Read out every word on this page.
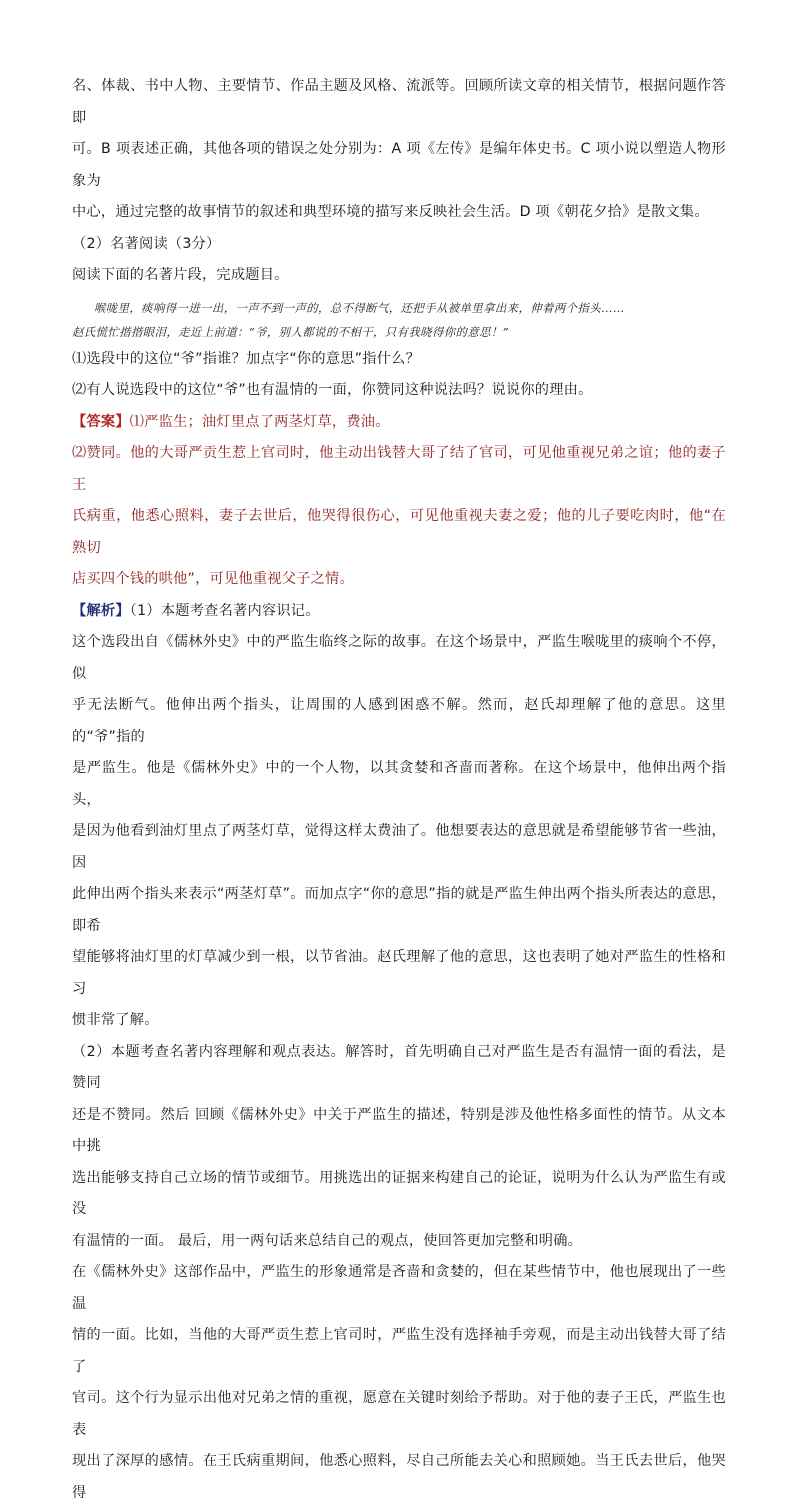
名、体裁、书中人物、主要情节、作品主题及风格、流派等。回顾所读文章的相关情节，根据问题作答即

可。B 项表述正确，其他各项的错误之处分别为：A 项《左传》是编年体史书。C 项小说以塑造人物形象为

中心，通过完整的故事情节的叙述和典型环境的描写来反映社会生活。D 项《朝花夕拾》是散文集。

（2）名著阅读（3分）

阅读下面的名著片段，完成题目。

喉咙里，痰响得一进一出，一声不到一声的，总不得断气，还把手从被单里拿出来，伸着两个指头……
赵氏慌忙揩揩眼泪，走近上前道：“爷，别人都说的不相干，只有我晓得你的意思！”

⑴选段中的这位“爷”指谁？加点字“你的意思”指什么？

⑵有人说选段中的这位“爷”也有温情的一面，你赞同这种说法吗？说说你的理由。

【答案】⑴严监生；油灯里点了两茎灯草，费油。

⑵赞同。他的大哥严贡生惹上官司时，他主动出钱替大哥了结了官司，可见他重视兄弟之谊；他的妻子王

氏病重，他悉心照料，妻子去世后，他哭得很伤心，可见他重视夫妻之爱；他的儿子要吃肉时，他“在熟切

店买四个钱的哄他”，可见他重视父子之情。

【解析】（1）本题考查名著内容识记。

这个选段出自《儒林外史》中的严监生临终之际的故事。在这个场景中，严监生喉咙里的痰响个不停，似

乎无法断气。他伸出两个指头，让周围的人感到困惑不解。然而，赵氏却理解了他的意思。这里的“爷”指的

是严监生。他是《儒林外史》中的一个人物，以其贪婪和吝啬而著称。在这个场景中，他伸出两个指头，

是因为他看到油灯里点了两茎灯草，觉得这样太费油了。他想要表达的意思就是希望能够节省一些油，因

此伸出两个指头来表示“两茎灯草”。而加点字“你的意思”指的就是严监生伸出两个指头所表达的意思，即希

望能够将油灯里的灯草减少到一根，以节省油。赵氏理解了他的意思，这也表明了她对严监生的性格和习

惯非常了解。

（2）本题考查名著内容理解和观点表达。解答时，首先明确自己对严监生是否有温情一面的看法，是赞同

还是不赞同。然后 回顾《儒林外史》中关于严监生的描述，特别是涉及他性格多面性的情节。从文本中挑

选出能够支持自己立场的情节或细节。用挑选出的证据来构建自己的论证，说明为什么认为严监生有或没

有温情的一面。 最后，用一两句话来总结自己的观点，使回答更加完整和明确。

在《儒林外史》这部作品中，严监生的形象通常是吝啬和贪婪的，但在某些情节中，他也展现出了一些温

情的一面。比如，当他的大哥严贡生惹上官司时，严监生没有选择袖手旁观，而是主动出钱替大哥了结了

官司。这个行为显示出他对兄弟之情的重视，愿意在关键时刻给予帮助。对于他的妻子王氏，严监生也表

现出了深厚的感情。在王氏病重期间，他悉心照料，尽自己所能去关心和照顾她。当王氏去世后，他哭得
